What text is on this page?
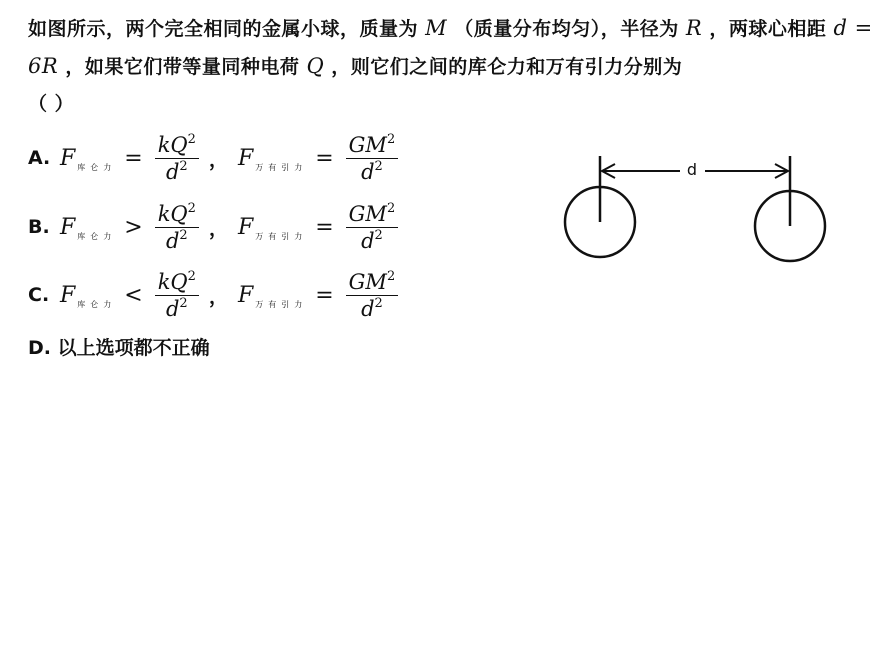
如图所示，两个完全相同的金属小球，质量为 M （质量分布均匀），半径为 R ，两球心相距 d = 6R ，如果它们带等量同种电荷 Q ，则它们之间的库仑力和万有引力分别为
（ ）
A. F 库仑力 = $\frac{kQ^2}{d^2}$ ， F 万有引力 = $\frac{GM^2}{d^2}$
B. F 库仑力 > $\frac{kQ^2}{d^2}$ ， F 万有引力 = $\frac{GM^2}{d^2}$
C. F 库仑力 < $\frac{kQ^2}{d^2}$ ， F 万有引力 = $\frac{GM^2}{d^2}$
D. 以上选项都不正确
d
